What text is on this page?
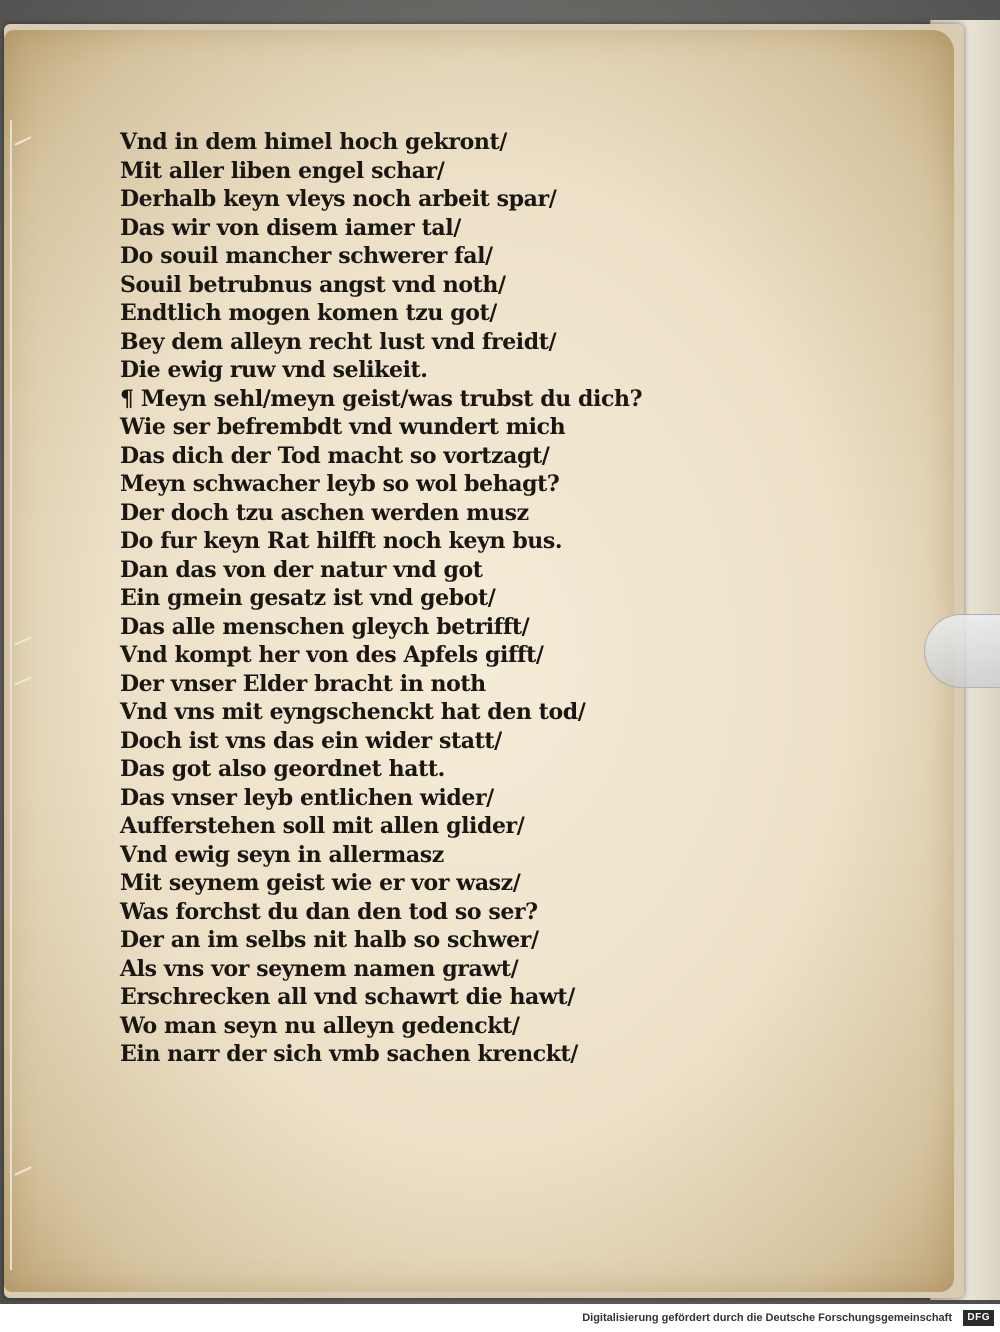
Vnd in dem himel hoch gekront/
Mit aller liben engel schar/
Derhalb keyn vleys noch arbeit spar/
Das wir von disem iamer tal/
Do souil mancher schwerer fal/
Souil betrubnus angst vnd noth/
Endtlich mogen komen tzu got/
Bey dem alleyn recht lust vnd freidt/
Die ewig ruw vnd selikeit.
¶ Meyn sehl/meyn geist/was trubst du dich?
Wie ser befrembdt vnd wundert mich
Das dich der Tod macht so vortzagt/
Meyn schwacher leyb so wol behagt?
Der doch tzu aschen werden musz
Do fur keyn Rat hilfft noch keyn bus.
Dan das von der natur vnd got
Ein gmein gesatz ist vnd gebot/
Das alle menschen gleych betrifft/
Vnd kompt her von des Apfels gifft/
Der vnser Elder bracht in noth
Vnd vns mit eyngschenckt hat den tod/
Doch ist vns das ein wider statt/
Das got also geordnet hatt.
Das vnser leyb entlichen wider/
Aufferstehen soll mit allen glider/
Vnd ewig seyn in allermasz
Mit seynem geist wie er vor wasz/
Was forchst du dan den tod so ser?
Der an im selbs nit halb so schwer/
Als vns vor seynem namen grawt/
Erschrecken all vnd schawrt die hawt/
Wo man seyn nu alleyn gedenckt/
Ein narr der sich vmb sachen krenckt/
Digitalisierung gefördert durch die Deutsche Forschungsgemeinschaft	DFG
